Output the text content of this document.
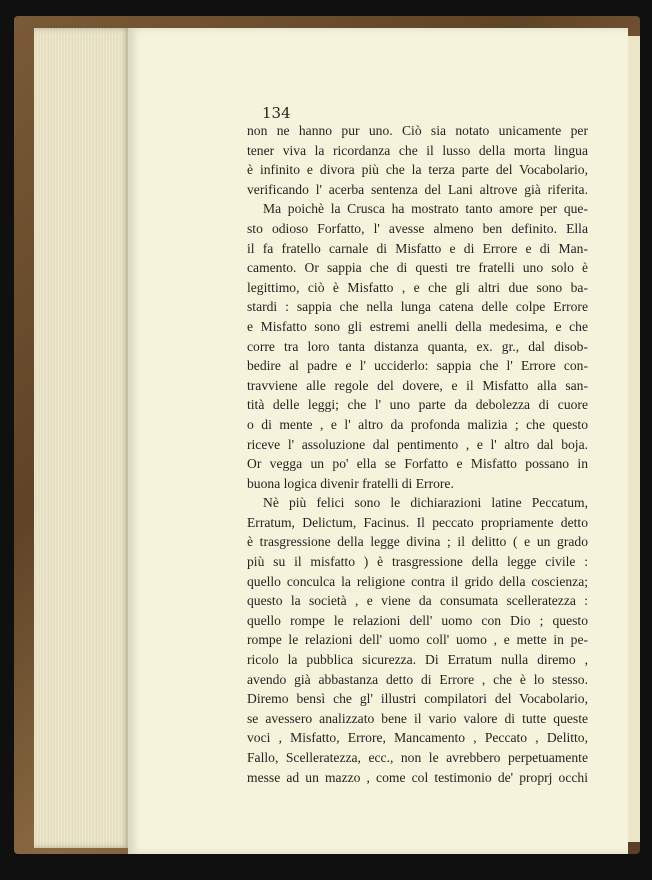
134
non ne hanno pur uno. Ciò sia notato unicamente per
tener viva la ricordanza che il lusso della morta lingua
è infinito e divora più che la terza parte del Vocabolario,
verificando l' acerba sentenza del Lani altrove già riferita.
Ma poichè la Crusca ha mostrato tanto amore per que-
sto odioso Forfatto, l' avesse almeno ben definito. Ella
il fa fratello carnale di Misfatto e di Errore e di Man-
camento. Or sappia che di questi tre fratelli uno solo è
legittimo, ciò è Misfatto , e che gli altri due sono ba-
stardi : sappia che nella lunga catena delle colpe Errore
e Misfatto sono gli estremi anelli della medesima, e che
corre tra loro tanta distanza quanta, ex. gr., dal disob-
bedire al padre e l' ucciderlo: sappia che l' Errore con-
travviene alle regole del dovere, e il Misfatto alla san-
tità delle leggi; che l' uno parte da debolezza di cuore
o di mente , e l' altro da profonda malizia ; che questo
riceve l' assoluzione dal pentimento , e l' altro dal boja.
Or vegga un po' ella se Forfatto e Misfatto possano in
buona logica divenir fratelli di Errore.
Nè più felici sono le dichiarazioni latine Peccatum,
Erratum, Delictum, Facinus. Il peccato propriamente detto
è trasgressione della legge divina ; il delitto ( e un grado
più su il misfatto ) è trasgressione della legge civile :
quello conculca la religione contra il grido della coscienza;
questo la società , e viene da consumata scelleratezza :
quello rompe le relazioni dell' uomo con Dio ; questo
rompe le relazioni dell' uomo coll' uomo , e mette in pe-
ricolo la pubblica sicurezza. Di Erratum nulla diremo ,
avendo già abbastanza detto di Errore , che è lo stesso.
Diremo bensì che gl' illustri compilatori del Vocabolario,
se avessero analizzato bene il vario valore di tutte queste
voci , Misfatto, Errore, Mancamento , Peccato , Delitto,
Fallo, Scelleratezza, ecc., non le avrebbero perpetuamente
messe ad un mazzo , come col testimonio de' proprj occhi
